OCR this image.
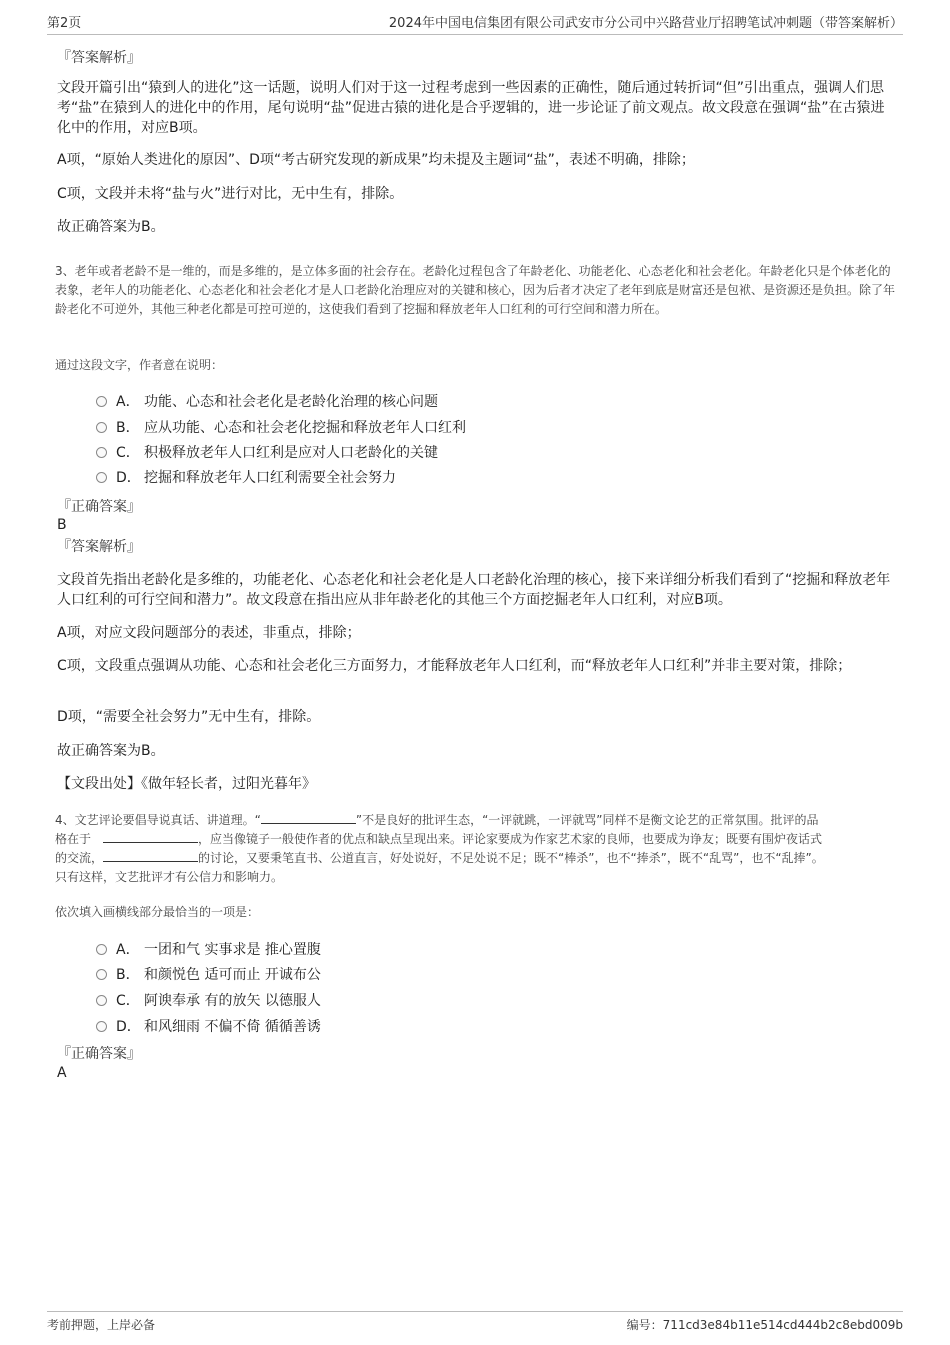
第2页	2024年中国电信集团有限公司武安市分公司中兴路营业厅招聘笔试冲刺题（带答案解析）
『答案解析』
文段开篇引出“猿到人的进化”这一话题，说明人们对于这一过程考虑到一些因素的正确性，随后通过转折词“但”引出重点，强调人们思考“盐”在猿到人的进化中的作用，尾句说明“盐”促进古猿的进化是合乎逻辑的，进一步论证了前文观点。故文段意在强调“盐”在古猿进化中的作用，对应B项。
A项，“原始人类进化的原因”、D项“考古研究发现的新成果”均未提及主题词“盐”，表述不明确，排除；
C项，文段并未将“盐与火”进行对比，无中生有，排除。
故正确答案为B。
3、老年或者老龄不是一维的，而是多维的，是立体多面的社会存在。老龄化过程包含了年龄老化、功能老化、心态老化和社会老化。年龄老化只是个体老化的表象，老年人的功能老化、心态老化和社会老化才是人口老龄化治理应对的关键和核心，因为后者才决定了老年到底是财富还是包袱、是资源还是负担。除了年龄老化不可逆外，其他三种老化都是可控可逆的，这使我们看到了挖掘和释放老年人口红利的可行空间和潜力所在。
通过这段文字，作者意在说明：
A． 功能、心态和社会老化是老龄化治理的核心问题
B． 应从功能、心态和社会老化挖掘和释放老年人口红利
C． 积极释放老年人口红利是应对人口老龄化的关键
D． 挖掘和释放老年人口红利需要全社会努力
『正确答案』
B
『答案解析』
文段首先指出老龄化是多维的，功能老化、心态老化和社会老化是人口老龄化治理的核心，接下来详细分析我们看到了“挖掘和释放老年人口红利的可行空间和潜力”。故文段意在指出应从非年龄老化的其他三个方面挖掘老年人口红利，对应B项。
A项，对应文段问题部分的表述，非重点，排除；
C项，文段重点强调从功能、心态和社会老化三方面努力，才能释放老年人口红利，而“释放老年人口红利”并非主要对策，排除；
D项，“需要全社会努力”无中生有，排除。
故正确答案为B。
【文段出处】《做年轻长者，过阳光暮年》
4、文艺评论要倡导说真话、讲道理。“	”不是良好的批评生态，“一评就跳，一评就骂”同样不是衡文论艺的正常氛围。批评的品
格在于	，应当像镜子一般使作者的优点和缺点呈现出来。评论家要成为作家艺术家的良师，也要成为诤友；既要有围炉夜话式
的交流，	的讨论，又要秉笔直书、公道直言，好处说好，不足处说不足；既不“棒杀”，也不“捧杀”，既不“乱骂”，也不“乱捧”。
只有这样，文艺批评才有公信力和影响力。
依次填入画横线部分最恰当的一项是：
A． 一团和气 实事求是 推心置腹
B． 和颜悦色 适可而止 开诚布公
C． 阿谀奉承 有的放矢 以德服人
D． 和风细雨 不偏不倚 循循善诱
『正确答案』
A
考前押题，上岸必备	编号：711cd3e84b11e514cd444b2c8ebd009b
